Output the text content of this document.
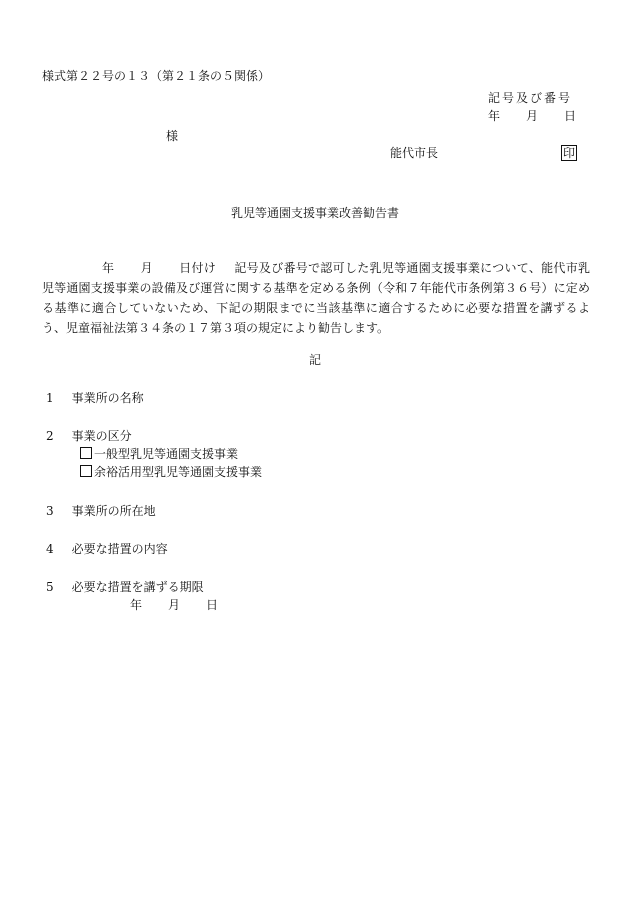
様式第２２号の１３（第２１条の５関係）
記号及び番号
年 月 日
様
能代市長	印
乳児等通園支援事業改善勧告書
年 月 日付け 記号及び番号で認可した乳児等通園支援事業について、能代市乳児等通園支援事業の設備及び運営に関する基準を定める条例（令和７年能代市条例第３６号）に定める基準に適合していないため、下記の期限までに当該基準に適合するために必要な措置を講ずるよう、児童福祉法第３４条の１７第３項の規定により勧告します。
記
1 事業所の名称
2 事業の区分
一般型乳児等通園支援事業
余裕活用型乳児等通園支援事業
3 事業所の所在地
4 必要な措置の内容
5 必要な措置を講ずる期限
年 月 日
